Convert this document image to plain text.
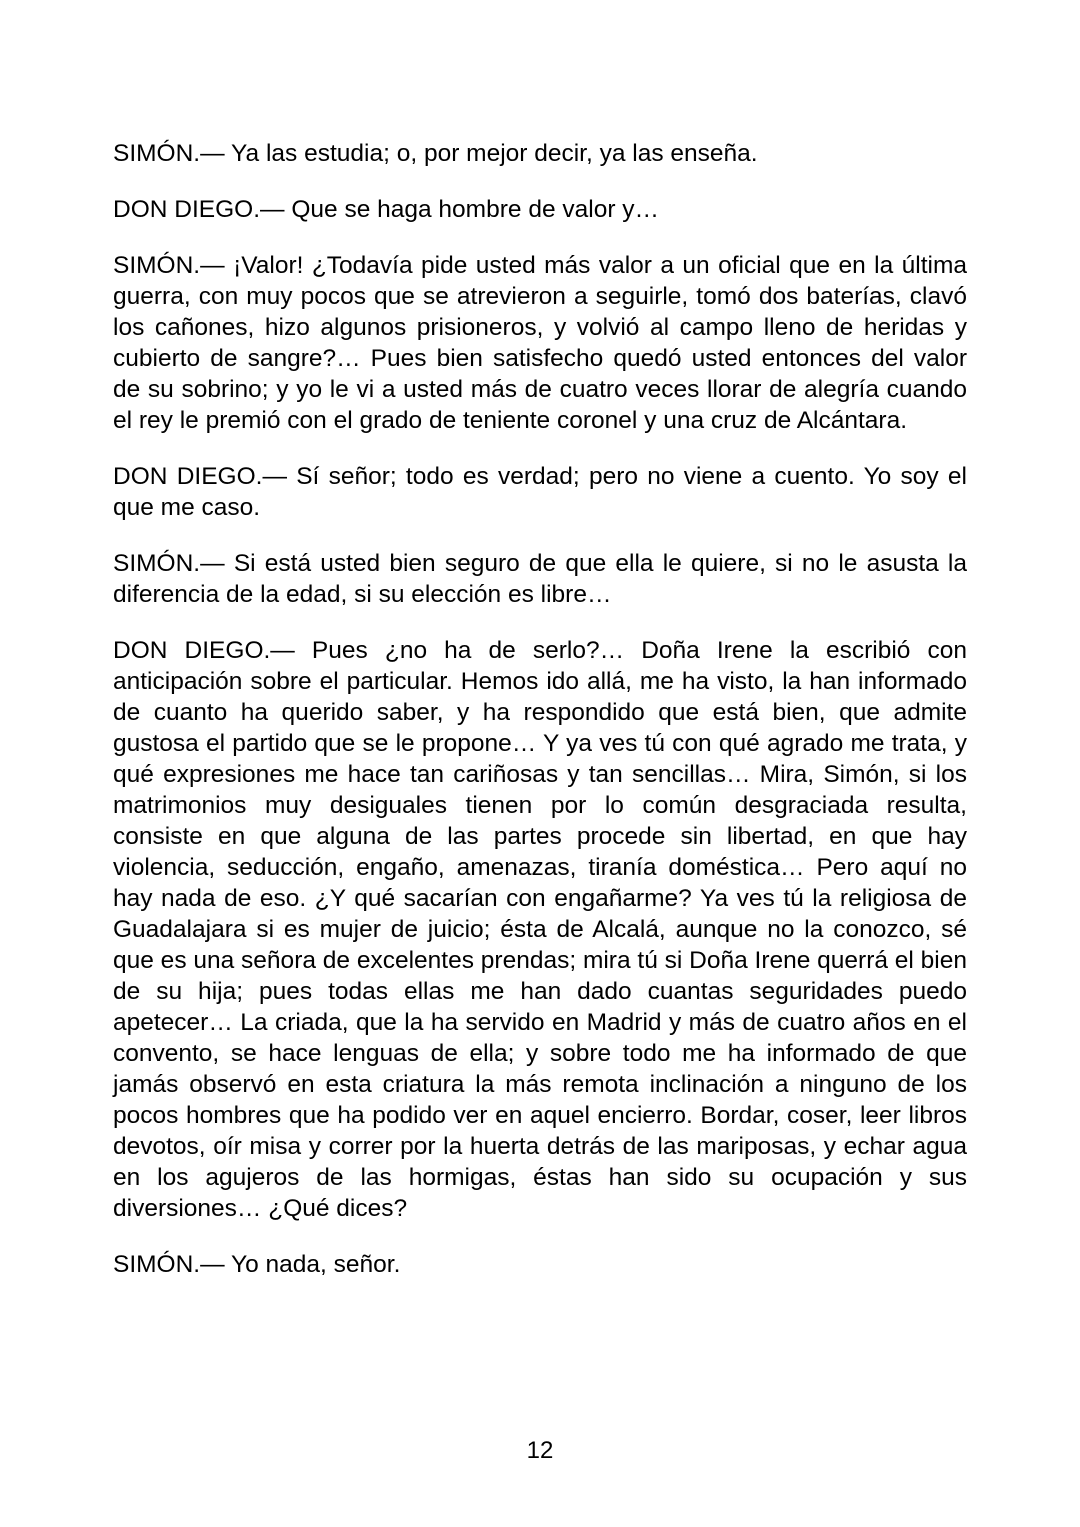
SIMÓN.— Ya las estudia; o, por mejor decir, ya las enseña.

DON DIEGO.— Que se haga hombre de valor y…

SIMÓN.— ¡Valor! ¿Todavía pide usted más valor a un oficial que en la última guerra, con muy pocos que se atrevieron a seguirle, tomó dos baterías, clavó los cañones, hizo algunos prisioneros, y volvió al campo lleno de heridas y cubierto de sangre?… Pues bien satisfecho quedó usted entonces del valor de su sobrino; y yo le vi a usted más de cuatro veces llorar de alegría cuando el rey le premió con el grado de teniente coronel y una cruz de Alcántara.

DON DIEGO.— Sí señor; todo es verdad; pero no viene a cuento. Yo soy el que me caso.

SIMÓN.— Si está usted bien seguro de que ella le quiere, si no le asusta la diferencia de la edad, si su elección es libre…

DON DIEGO.— Pues ¿no ha de serlo?… Doña Irene la escribió con anticipación sobre el particular. Hemos ido allá, me ha visto, la han informado de cuanto ha querido saber, y ha respondido que está bien, que admite gustosa el partido que se le propone… Y ya ves tú con qué agrado me trata, y qué expresiones me hace tan cariñosas y tan sencillas… Mira, Simón, si los matrimonios muy desiguales tienen por lo común desgraciada resulta, consiste en que alguna de las partes procede sin libertad, en que hay violencia, seducción, engaño, amenazas, tiranía doméstica… Pero aquí no hay nada de eso. ¿Y qué sacarían con engañarme? Ya ves tú la religiosa de Guadalajara si es mujer de juicio; ésta de Alcalá, aunque no la conozco, sé que es una señora de excelentes prendas; mira tú si Doña Irene querrá el bien de su hija; pues todas ellas me han dado cuantas seguridades puedo apetecer… La criada, que la ha servido en Madrid y más de cuatro años en el convento, se hace lenguas de ella; y sobre todo me ha informado de que jamás observó en esta criatura la más remota inclinación a ninguno de los pocos hombres que ha podido ver en aquel encierro. Bordar, coser, leer libros devotos, oír misa y correr por la huerta detrás de las mariposas, y echar agua en los agujeros de las hormigas, éstas han sido su ocupación y sus diversiones… ¿Qué dices?

SIMÓN.— Yo nada, señor.

12
